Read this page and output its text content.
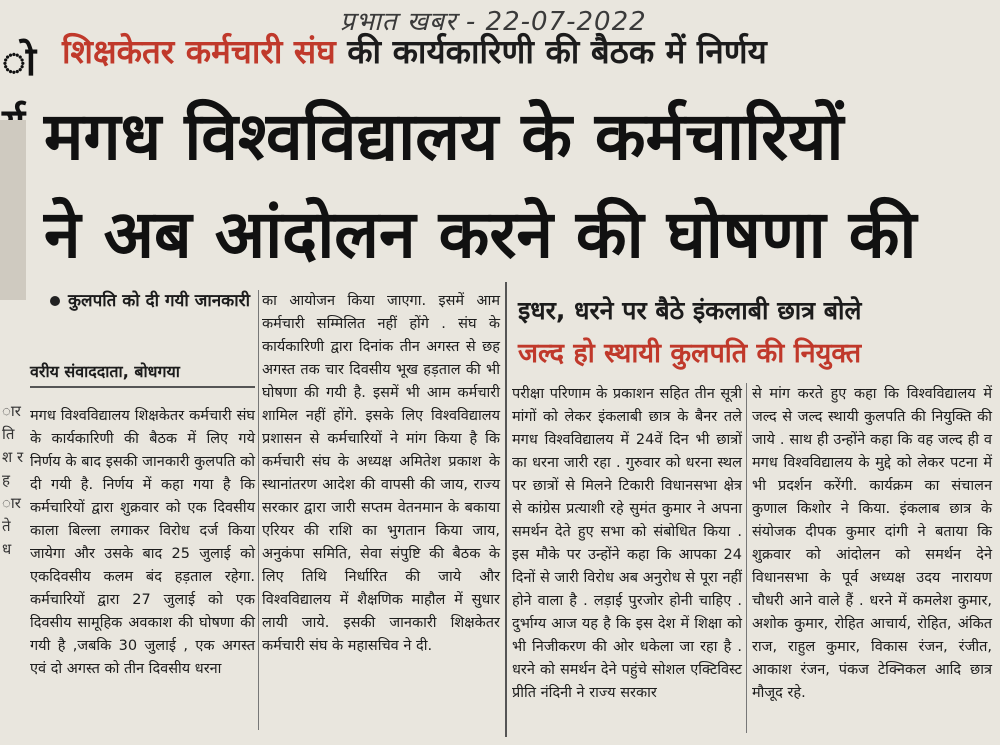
प्रभात खबर - 22-07-2022
ो
ार ति श र ह ार ते ध
शिक्षकेतर कर्मचारी संघ की कार्यकारिणी की बैठक में निर्णय
मगध विश्वविद्यालय के कर्मचारियों
ने अब आंदोलन करने की घोषणा की
कुलपति को दी गयी जानकारी
वरीय संवाददाता, बोधगया
मगध विश्वविद्यालय शिक्षकेतर कर्मचारी संघ के कार्यकारिणी की बैठक में लिए गये निर्णय के बाद इसकी जानकारी कुलपति को दी गयी है. निर्णय में कहा गया है कि कर्मचारियों द्वारा शुक्रवार को एक दिवसीय काला बिल्ला लगाकर विरोध दर्ज किया जायेगा और उसके बाद 25 जुलाई को एकदिवसीय कलम बंद हड़ताल रहेगा. कर्मचारियों द्वारा 27 जुलाई को एक दिवसीय सामूहिक अवकाश की घोषणा की गयी है ,जबकि 30 जुलाई , एक अगस्त एवं दो अगस्त को तीन दिवसीय धरना
का आयोजन किया जाएगा. इसमें आम कर्मचारी सम्मिलित नहीं होंगे . संघ के कार्यकारिणी द्वारा दिनांक तीन अगस्त से छह अगस्त तक चार दिवसीय भूख हड़ताल की भी घोषणा की गयी है. इसमें भी आम कर्मचारी शामिल नहीं होंगे. इसके लिए विश्वविद्यालय प्रशासन से कर्मचारियों ने मांग किया है कि कर्मचारी संघ के अध्यक्ष अमितेश प्रकाश के स्थानांतरण आदेश की वापसी की जाय, राज्य सरकार द्वारा जारी सप्तम वेतनमान के बकाया एरियर की राशि का भुगतान किया जाय, अनुकंपा समिति, सेवा संपुष्टि की बैठक के लिए तिथि निर्धारित की जाये और विश्वविद्यालय में शैक्षणिक माहौल में सुधार लायी जाये. इसकी जानकारी शिक्षकेतर कर्मचारी संघ के महासचिव ने दी.
इधर, धरने पर बैठे इंकलाबी छात्र बोले
जल्द हो स्थायी कुलपति की नियुक्त
परीक्षा परिणाम के प्रकाशन सहित तीन सूत्री मांगों को लेकर इंकलाबी छात्र के बैनर तले मगध विश्वविद्यालय में 24वें दिन भी छात्रों का धरना जारी रहा . गुरुवार को धरना स्थल पर छात्रों से मिलने टिकारी विधानसभा क्षेत्र से कांग्रेस प्रत्याशी रहे सुमंत कुमार ने अपना समर्थन देते हुए सभा को संबोधित किया . इस मौके पर उन्होंने कहा कि आपका 24 दिनों से जारी विरोध अब अनुरोध से पूरा नहीं होने वाला है . लड़ाई पुरजोर होनी चाहिए . दुर्भाग्य आज यह है कि इस देश में शिक्षा को भी निजीकरण की ओर धकेला जा रहा है . धरने को समर्थन देने पहुंचे सोशल एक्टिविस्ट प्रीति नंदिनी ने राज्य सरकार
से मांग करते हुए कहा कि विश्वविद्यालय में जल्द से जल्द स्थायी कुलपति की नियुक्ति की जाये . साथ ही उन्होंने कहा कि वह जल्द ही व मगध विश्वविद्यालय के मुद्दे को लेकर पटना में भी प्रदर्शन करेंगी. कार्यक्रम का संचालन कुणाल किशोर ने किया. इंकलाब छात्र के संयोजक दीपक कुमार दांगी ने बताया कि शुक्रवार को आंदोलन को समर्थन देने विधानसभा के पूर्व अध्यक्ष उदय नारायण चौधरी आने वाले हैं . धरने में कमलेश कुमार, अशोक कुमार, रोहित आचार्य, रोहित, अंकित राज, राहुल कुमार, विकास रंजन, रंजीत, आकाश रंजन, पंकज टेक्निकल आदि छात्र मौजूद रहे.
